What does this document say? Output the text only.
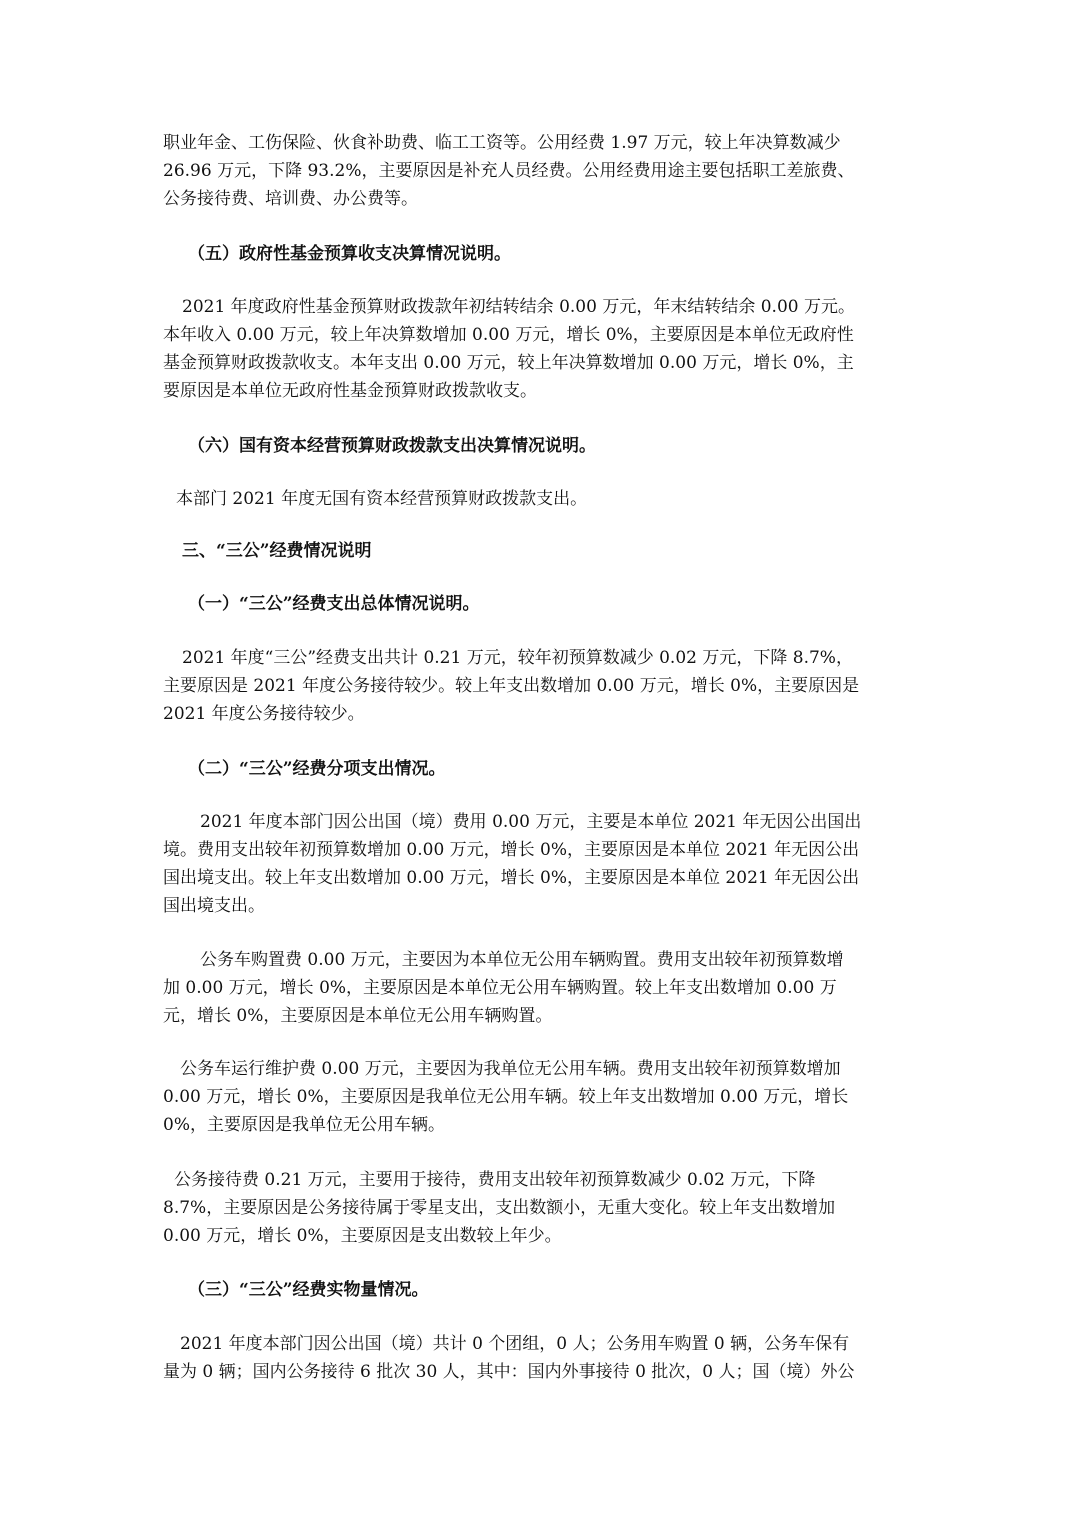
职业年金、工伤保险、伙食补助费、临工工资等。公用经费 1.97 万元，较上年决算数减少
26.96 万元，下降 93.2%，主要原因是补充人员经费。公用经费用途主要包括职工差旅费、
公务接待费、培训费、办公费等。
（五）政府性基金预算收支决算情况说明。
2021 年度政府性基金预算财政拨款年初结转结余 0.00 万元，年末结转结余 0.00 万元。
本年收入 0.00 万元，较上年决算数增加 0.00 万元，增长 0%，主要原因是本单位无政府性
基金预算财政拨款收支。本年支出 0.00 万元，较上年决算数增加 0.00 万元，增长 0%，主
要原因是本单位无政府性基金预算财政拨款收支。
（六）国有资本经营预算财政拨款支出决算情况说明。
本部门 2021 年度无国有资本经营预算财政拨款支出。
三、“三公”经费情况说明
（一）“三公”经费支出总体情况说明。
2021 年度“三公”经费支出共计 0.21 万元，较年初预算数减少 0.02 万元，下降 8.7%，
主要原因是 2021 年度公务接待较少。较上年支出数增加 0.00 万元，增长 0%，主要原因是
2021 年度公务接待较少。
（二）“三公”经费分项支出情况。
2021 年度本部门因公出国（境）费用 0.00 万元，主要是本单位 2021 年无因公出国出
境。费用支出较年初预算数增加 0.00 万元，增长 0%，主要原因是本单位 2021 年无因公出
国出境支出。较上年支出数增加 0.00 万元，增长 0%，主要原因是本单位 2021 年无因公出
国出境支出。
公务车购置费 0.00 万元，主要因为本单位无公用车辆购置。费用支出较年初预算数增
加 0.00 万元，增长 0%，主要原因是本单位无公用车辆购置。较上年支出数增加 0.00 万
元，增长 0%，主要原因是本单位无公用车辆购置。
公务车运行维护费 0.00 万元，主要因为我单位无公用车辆。费用支出较年初预算数增加
0.00 万元，增长 0%，主要原因是我单位无公用车辆。较上年支出数增加 0.00 万元，增长
0%，主要原因是我单位无公用车辆。
公务接待费 0.21 万元，主要用于接待，费用支出较年初预算数减少 0.02 万元，下降
8.7%，主要原因是公务接待属于零星支出，支出数额小，无重大变化。较上年支出数增加
0.00 万元，增长 0%，主要原因是支出数较上年少。
（三）“三公”经费实物量情况。
2021 年度本部门因公出国（境）共计 0 个团组，0 人；公务用车购置 0 辆，公务车保有
量为 0 辆；国内公务接待 6 批次 30 人，其中：国内外事接待 0 批次，0 人；国（境）外公
